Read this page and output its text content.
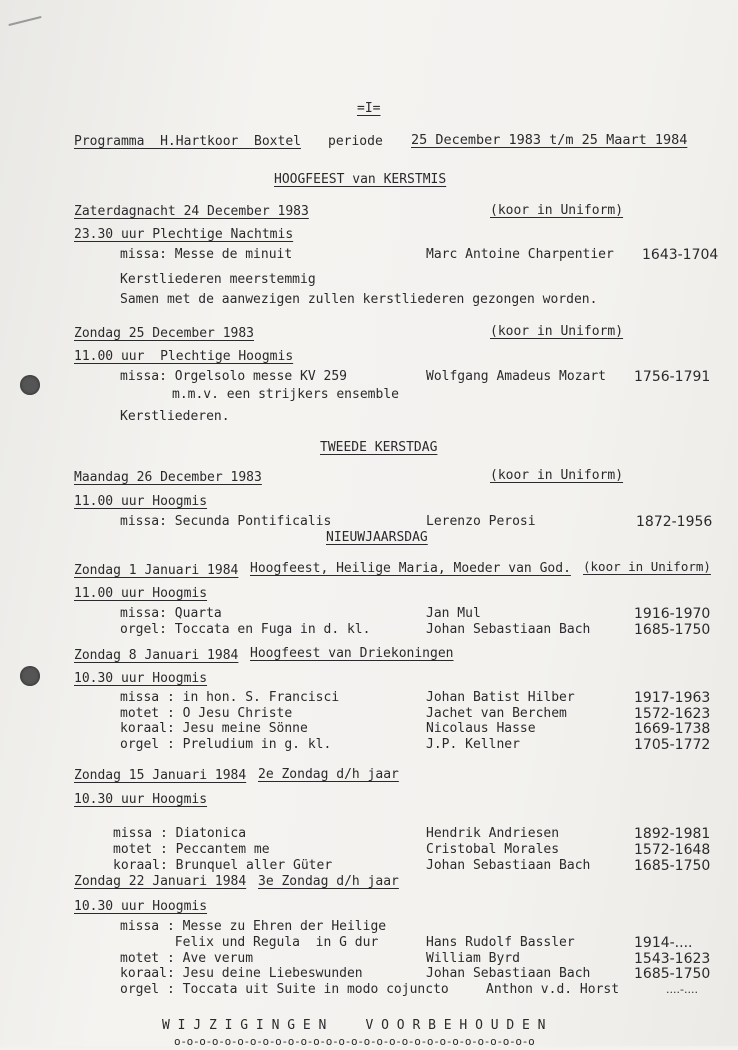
=I=
Programma  H.Hartkoor  Boxtel periode 25 December 1983 t/m 25 Maart 1984
HOOGFEEST van KERSTMIS
Zaterdagnacht 24 December 1983	(koor in Uniform)
23.30 uur Plechtige Nachtmis
missa: Messe de minuit	Marc Antoine Charpentier 1643-1704
Kerstliederen meerstemmig
Samen met de aanwezigen zullen kerstliederen gezongen worden.
Zondag 25 December 1983	(koor in Uniform)
11.00 uur  Plechtige Hoogmis
missa: Orgelsolo messe KV 259	Wolfgang Amadeus Mozart 1756-1791
m.m.v. een strijkers ensemble
Kerstliederen.
TWEEDE KERSTDAG
Maandag 26 December 1983	(koor in Uniform)
11.00 uur Hoogmis
missa: Secunda Pontificalis	Lerenzo Perosi	1872-1956
NIEUWJAARSDAG
Zondag 1 Januari 1984 Hoogfeest, Heilige Maria, Moeder van God. (koor in Uniform)
11.00 uur Hoogmis
missa: Quarta	Jan Mul	1916-1970
orgel: Toccata en Fuga in d. kl.	Johan Sebastiaan Bach	1685-1750
Zondag 8 Januari 1984 Hoogfeest van Driekoningen
10.30 uur Hoogmis
missa : in hon. S. Francisci	Johan Batist Hilber	1917-1963
motet : O Jesu Christe	Jachet van Berchem	1572-1623
koraal: Jesu meine Sönne	Nicolaus Hasse	1669-1738
orgel : Preludium in g. kl.	J.P. Kellner	1705-1772
Zondag 15 Januari 1984 2e Zondag d/h jaar
10.30 uur Hoogmis
missa : Diatonica	Hendrik Andriesen	1892-1981
motet : Peccantem me	Cristobal Morales	1572-1648
koraal: Brunquel aller Güter	Johan Sebastiaan Bach	1685-1750
Zondag 22 Januari 1984 3e Zondag d/h jaar
10.30 uur Hoogmis
missa : Messe zu Ehren der Heilige
Felix und Regula  in G dur	Hans Rudolf Bassler	1914-....
motet : Ave verum	William Byrd	1543-1623
koraal: Jesu deine Liebeswunden	Johan Sebastiaan Bach	1685-1750
orgel : Toccata uit Suite in modo cojuncto	Anthon v.d. Horst	....-....
W I J Z I G I N G E N     V O O R B E H O U D E N
o-o-o-o-o-o-o-o-o-o-o-o-o-o-o-o-o-o-o-o-o-o-o-o-o-o-o-o-o
